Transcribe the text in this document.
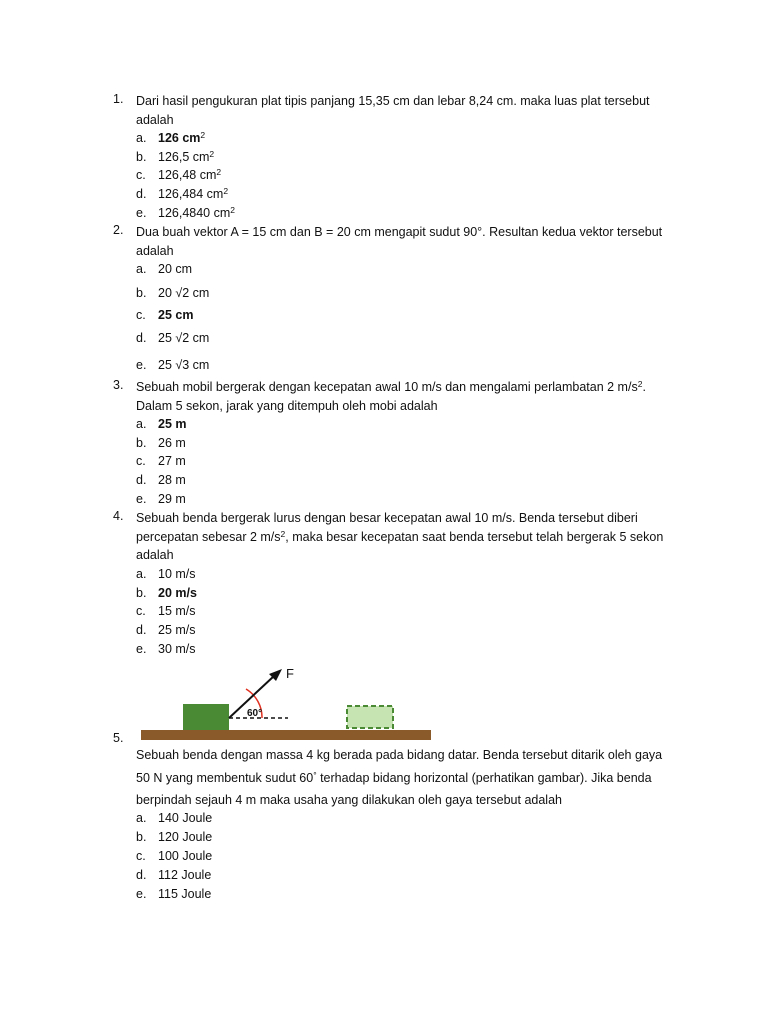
1. Dari hasil pengukuran plat tipis panjang 15,35 cm dan lebar 8,24 cm. maka luas plat tersebut
adalah
a. 126 $cm^2$
b. 126,5 $cm^2$
c. 126,48 $cm^2$
d. 126,484 $cm^2$
e. 126,4840 $cm^2$
2. Dua buah vektor A = 15 cm dan B = 20 cm mengapit sudut 90°. Resultan kedua vektor tersebut
adalah
a. 20 cm
b. 20 √2 cm
c. 25 cm
d. 25 √2 cm
e. 25 √3 cm
3. Sebuah mobil bergerak dengan kecepatan awal 10 m/s dan mengalami perlambatan 2 $m/s^2$.
Dalam 5 sekon, jarak yang ditempuh oleh mobi adalah
a. 25 m
b. 26 m
c. 27 m
d. 28 m
e. 29 m
4. Sebuah benda bergerak lurus dengan besar kecepatan awal 10 m/s. Benda tersebut diberi
percepatan sebesar 2 $m/s^2$, maka besar kecepatan saat benda tersebut telah bergerak 5 sekon
adalah
a. 10 m/s
b. 20 m/s
c. 15 m/s
d. 25 m/s
e. 30 m/s
F
60°
5.
Sebuah benda dengan massa 4 kg berada pada bidang datar. Benda tersebut ditarik oleh gaya
50 N yang membentuk sudut 60° terhadap bidang horizontal (perhatikan gambar). Jika benda
berpindah sejauh 4 m maka usaha yang dilakukan oleh gaya tersebut adalah
a. 140 Joule
b. 120 Joule
c. 100 Joule
d. 112 Joule
e. 115 Joule
